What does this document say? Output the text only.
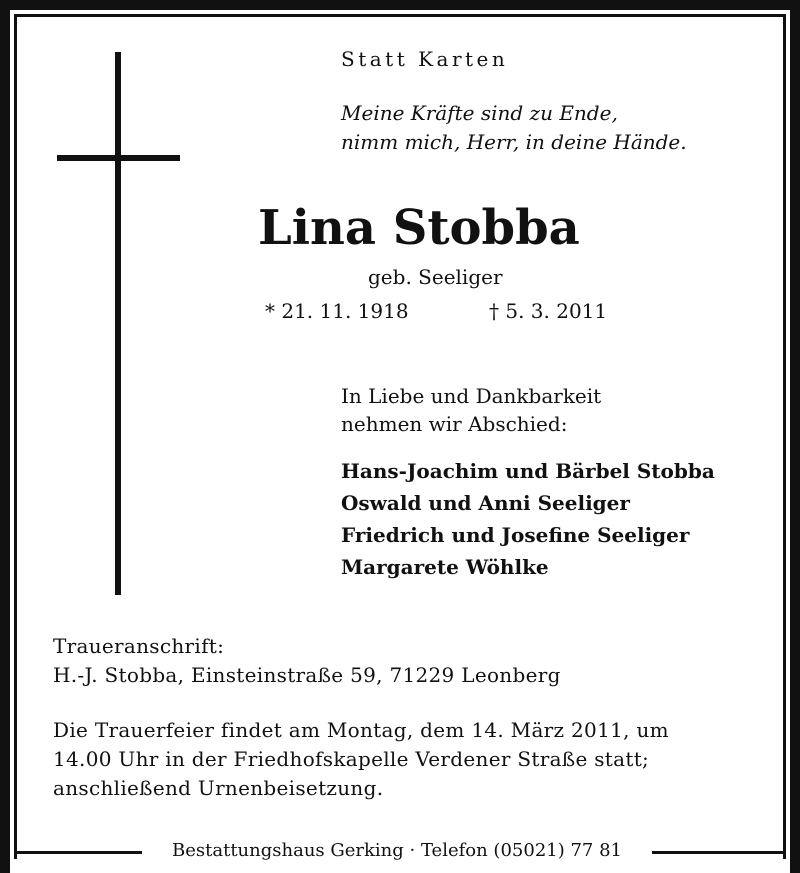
Statt Karten
Meine Kräfte sind zu Ende,
nimm mich, Herr, in deine Hände.
Lina Stobba
geb. Seeliger
* 21. 11. 1918	† 5. 3. 2011
In Liebe und Dankbarkeit
nehmen wir Abschied:
Hans-Joachim und Bärbel Stobba
Oswald und Anni Seeliger
Friedrich und Josefine Seeliger
Margarete Wöhlke
Traueranschrift:
H.-J. Stobba, Einsteinstraße 59, 71229 Leonberg
Die Trauerfeier findet am Montag, dem 14. März 2011, um
14.00 Uhr in der Friedhofskapelle Verdener Straße statt;
anschließend Urnenbeisetzung.
Bestattungshaus Gerking · Telefon (05021) 77 81
